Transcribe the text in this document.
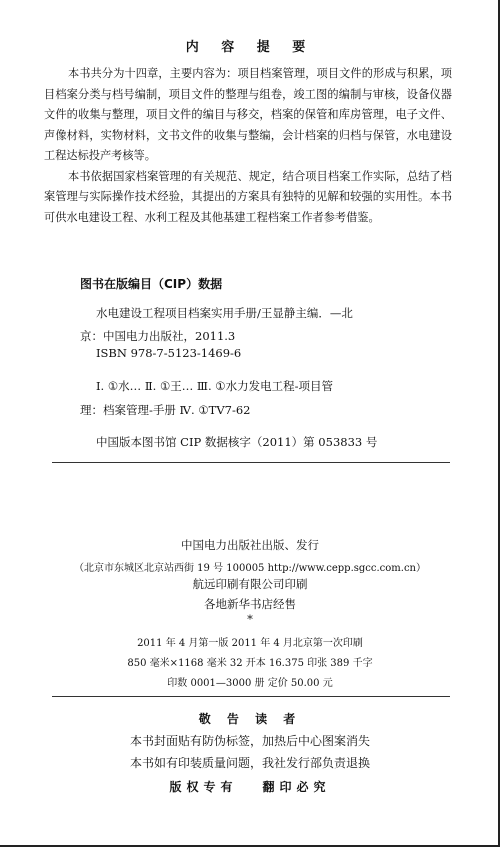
内 容 提 要

本书共分为十四章，主要内容为：项目档案管理，项目文件的形成与积累，项目档案分类与档号编制，项目文件的整理与组卷，竣工图的编制与审核，设备仪器文件的收集与整理，项目文件的编目与移交，档案的保管和库房管理，电子文件、声像材料，实物材料，文书文件的收集与整编，会计档案的归档与保管，水电建设工程达标投产考核等。

本书依据国家档案管理的有关规范、规定，结合项目档案工作实际，总结了档案管理与实际操作技术经验，其提出的方案具有独特的见解和较强的实用性。本书可供水电建设工程、水利工程及其他基建工程档案工作者参考借鉴。

图书在版编目（CIP）数据
水电建设工程项目档案实用手册/王显静主编．—北
京：中国电力出版社，2011.3
ISBN 978-7-5123-1469-6
Ⅰ. ①水… Ⅱ. ①王… Ⅲ. ①水力发电工程-项目管
理：档案管理-手册 Ⅳ. ①TV7-62
中国版本图书馆 CIP 数据核字（2011）第 053833 号
中国电力出版社出版、发行
（北京市东城区北京站西街 19 号 100005 http://www.cepp.sgcc.com.cn）
航远印刷有限公司印刷
各地新华书店经售
*
2011 年 4 月第一版 2011 年 4 月北京第一次印刷
850 毫米×1168 毫米 32 开本 16.375 印张 389 千字
印数 0001—3000 册 定价 50.00 元
敬 告 读 者
本书封面贴有防伪标签，加热后中心图案消失
本书如有印装质量问题，我社发行部负责退换
版权专有 翻印必究
